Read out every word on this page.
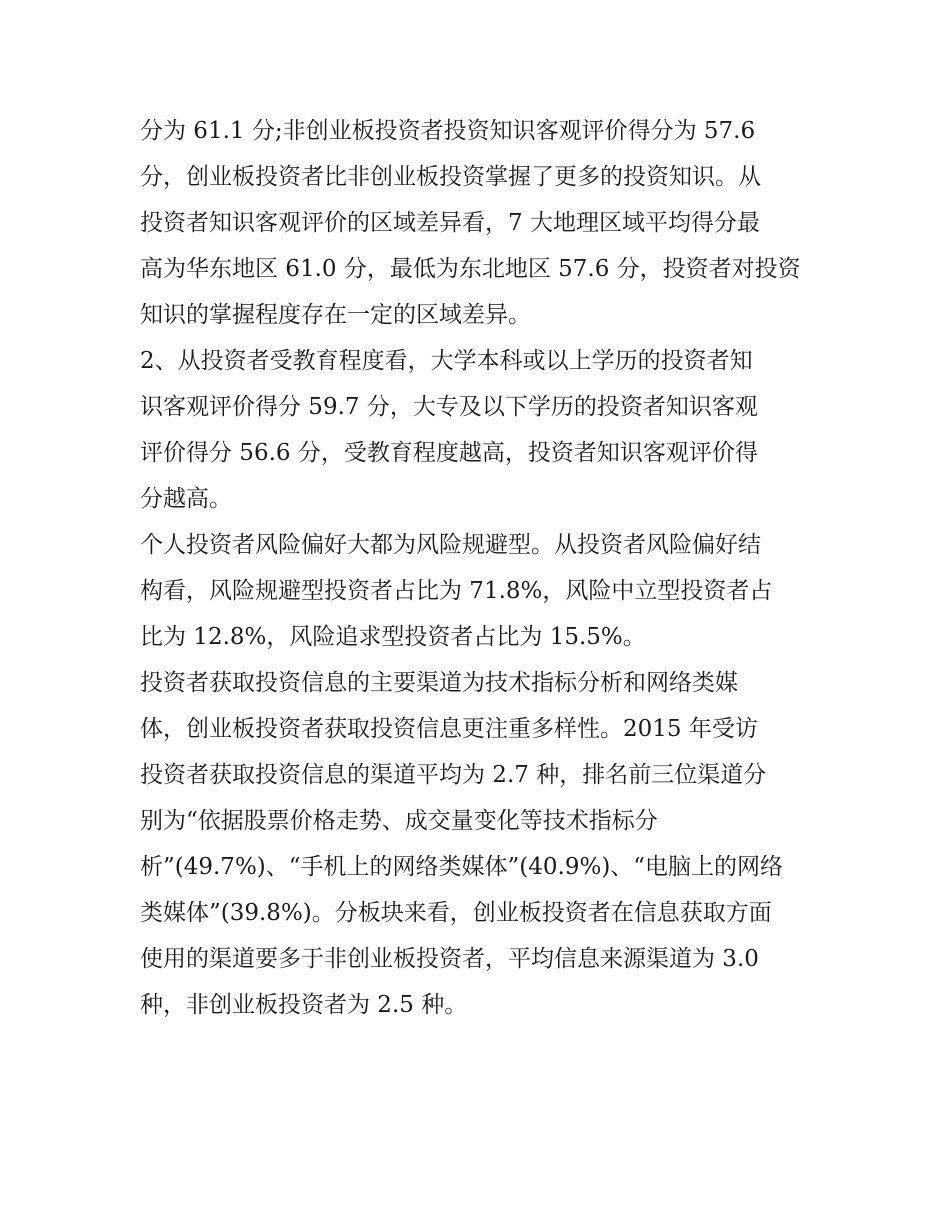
分为 61.1 分;非创业板投资者投资知识客观评价得分为 57.6
分，创业板投资者比非创业板投资掌握了更多的投资知识。从
投资者知识客观评价的区域差异看，7 大地理区域平均得分最
高为华东地区 61.0 分，最低为东北地区 57.6 分，投资者对投资
知识的掌握程度存在一定的区域差异。
2、从投资者受教育程度看，大学本科或以上学历的投资者知
识客观评价得分 59.7 分，大专及以下学历的投资者知识客观
评价得分 56.6 分，受教育程度越高，投资者知识客观评价得
分越高。
个人投资者风险偏好大都为风险规避型。从投资者风险偏好结
构看，风险规避型投资者占比为 71.8%，风险中立型投资者占
比为 12.8%，风险追求型投资者占比为 15.5%。
投资者获取投资信息的主要渠道为技术指标分析和网络类媒
体，创业板投资者获取投资信息更注重多样性。2015 年受访
投资者获取投资信息的渠道平均为 2.7 种，排名前三位渠道分
别为“依据股票价格走势、成交量变化等技术指标分
析”(49.7%)、“手机上的网络类媒体”(40.9%)、“电脑上的网络
类媒体”(39.8%)。分板块来看，创业板投资者在信息获取方面
使用的渠道要多于非创业板投资者，平均信息来源渠道为 3.0
种，非创业板投资者为 2.5 种。
